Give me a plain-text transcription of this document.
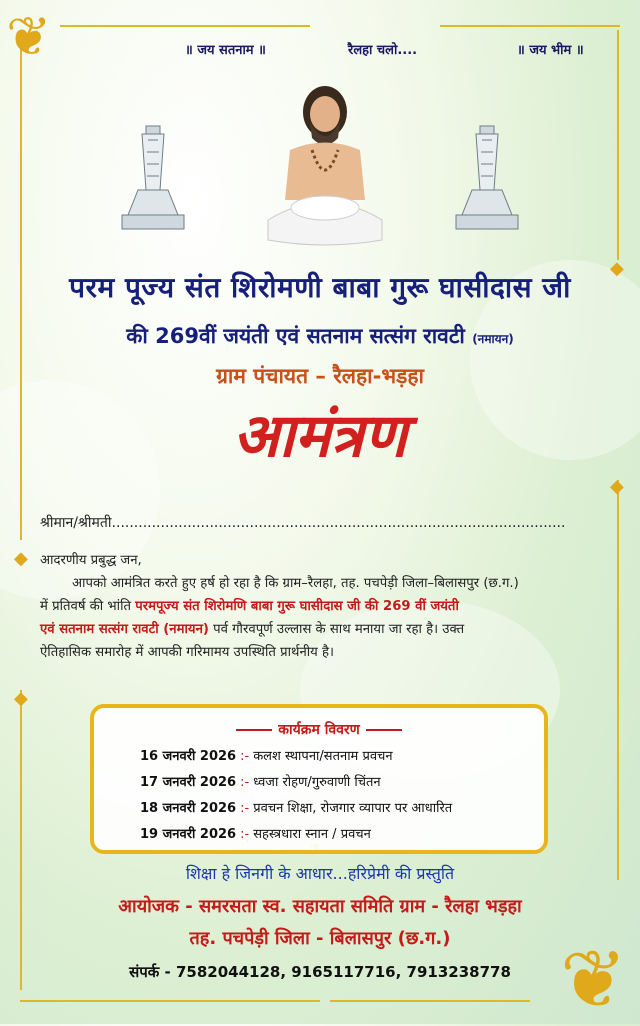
❦
❦
◆
◆
◆
◆
॥ जय सतनाम ॥	रैलहा चलो....	॥ जय भीम ॥
परम पूज्य संत शिरोमणी बाबा गुरू घासीदास जी
की 269वीं जयंती एवं सतनाम सत्संग रावटी (नमायन)
ग्राम पंचायत – रैलहा-भड़हा
आमंत्रण
श्रीमान/श्रीमती......................................................................................................
आदरणीय प्रबुद्ध जन,
आपको आमंत्रित करते हुए हर्ष हो रहा है कि ग्राम–रैलहा, तह. पचपेड़ी जिला–बिलासपुर (छ.ग.)
में प्रतिवर्ष की भांति परमपूज्य संत शिरोमणि बाबा गुरू घासीदास जी की 269 वीं जयंती
एवं सतनाम सत्संग रावटी (नमायन) पर्व गौरवपूर्ण उल्लास के साथ मनाया जा रहा है। उक्त
ऐतिहासिक समारोह में आपकी गरिमामय उपस्थिति प्रार्थनीय है।
कार्यक्रम विवरण
16 जनवरी 2026 :- कलश स्थापना/सतनाम प्रवचन
17 जनवरी 2026 :- ध्वजा रोहण/गुरुवाणी चिंतन
18 जनवरी 2026 :- प्रवचन शिक्षा, रोजगार व्यापार पर आधारित
19 जनवरी 2026 :- सहस्त्रधारा स्नान / प्रवचन
शिक्षा हे जिनगी के आधार...हरिप्रेमी की प्रस्तुति
आयोजक - समरसता स्व. सहायता समिति ग्राम - रैलहा भड़हा
तह. पचपेड़ी जिला - बिलासपुर (छ.ग.)
संपर्क - 7582044128, 9165117716, 7913238778
